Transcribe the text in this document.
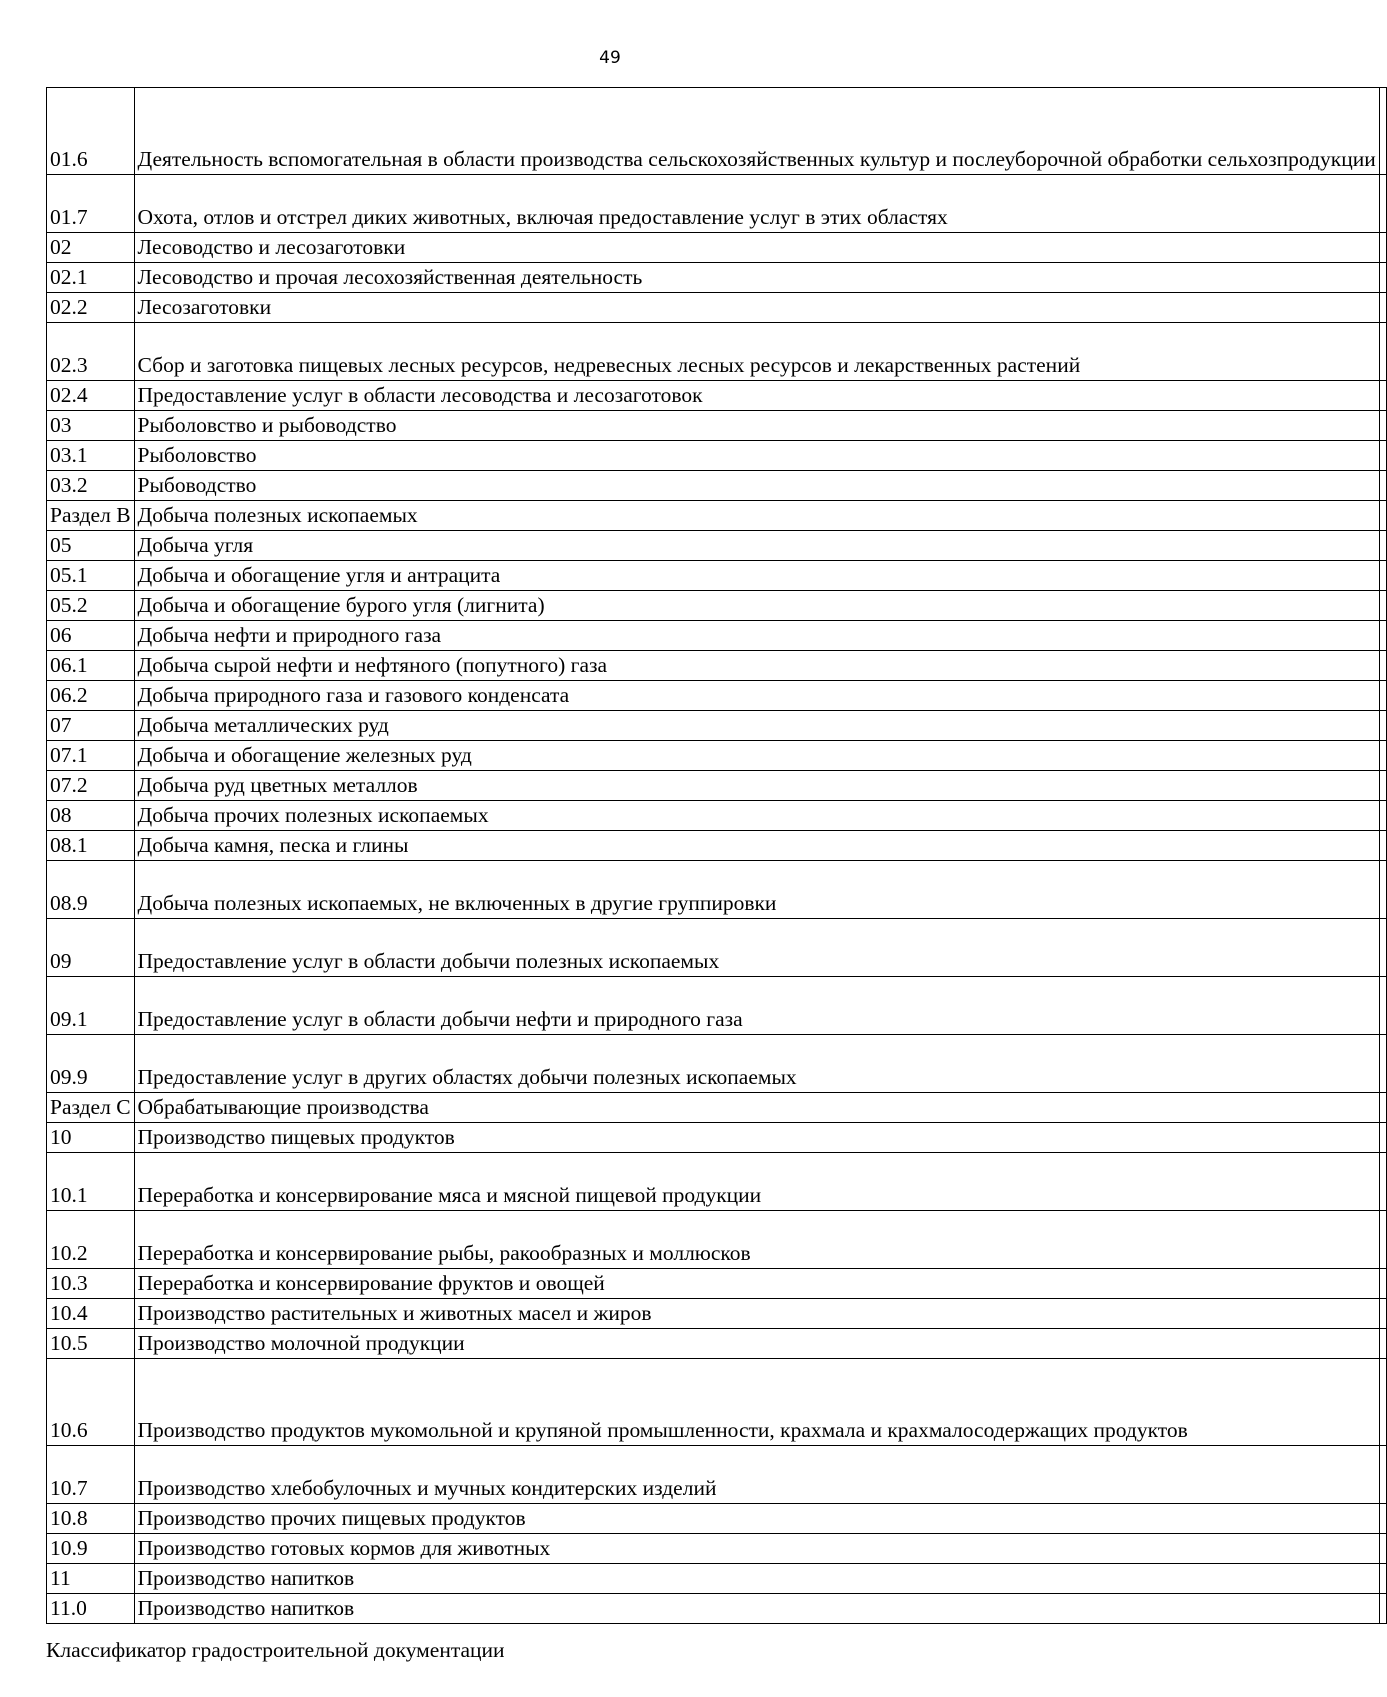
49
01.6	Деятельность вспомогательная в области производства сельскохозяйственных культур и послеуборочной обработки сельхозпродукции	
01.7	Охота, отлов и отстрел диких животных, включая предоставление услуг в этих областях	
02	Лесоводство и лесозаготовки	
02.1	Лесоводство и прочая лесохозяйственная деятельность	
02.2	Лесозаготовки	
02.3	Сбор и заготовка пищевых лесных ресурсов, недревесных лесных ресурсов и лекарственных растений	
02.4	Предоставление услуг в области лесоводства и лесозаготовок	
03	Рыболовство и рыбоводство	
03.1	Рыболовство	
03.2	Рыбоводство	
Раздел B	Добыча полезных ископаемых	
05	Добыча угля	
05.1	Добыча и обогащение угля и антрацита	
05.2	Добыча и обогащение бурого угля (лигнита)	
06	Добыча нефти и природного газа	
06.1	Добыча сырой нефти и нефтяного (попутного) газа	
06.2	Добыча природного газа и газового конденсата	
07	Добыча металлических руд	
07.1	Добыча и обогащение железных руд	
07.2	Добыча руд цветных металлов	
08	Добыча прочих полезных ископаемых	
08.1	Добыча камня, песка и глины	
08.9	Добыча полезных ископаемых, не включенных в другие группировки	
09	Предоставление услуг в области добычи полезных ископаемых	
09.1	Предоставление услуг в области добычи нефти и природного газа	
09.9	Предоставление услуг в других областях добычи полезных ископаемых	
Раздел C	Обрабатывающие производства	
10	Производство пищевых продуктов	
10.1	Переработка и консервирование мяса и мясной пищевой продукции	
10.2	Переработка и консервирование рыбы, ракообразных и моллюсков	
10.3	Переработка и консервирование фруктов и овощей	
10.4	Производство растительных и животных масел и жиров	
10.5	Производство молочной продукции	
10.6	Производство продуктов мукомольной и крупяной промышленности, крахмала и крахмалосодержащих продуктов	
10.7	Производство хлебобулочных и мучных кондитерских изделий	
10.8	Производство прочих пищевых продуктов	
10.9	Производство готовых кормов для животных	
11	Производство напитков	
11.0	Производство напитков	
Классификатор градостроительной документации
